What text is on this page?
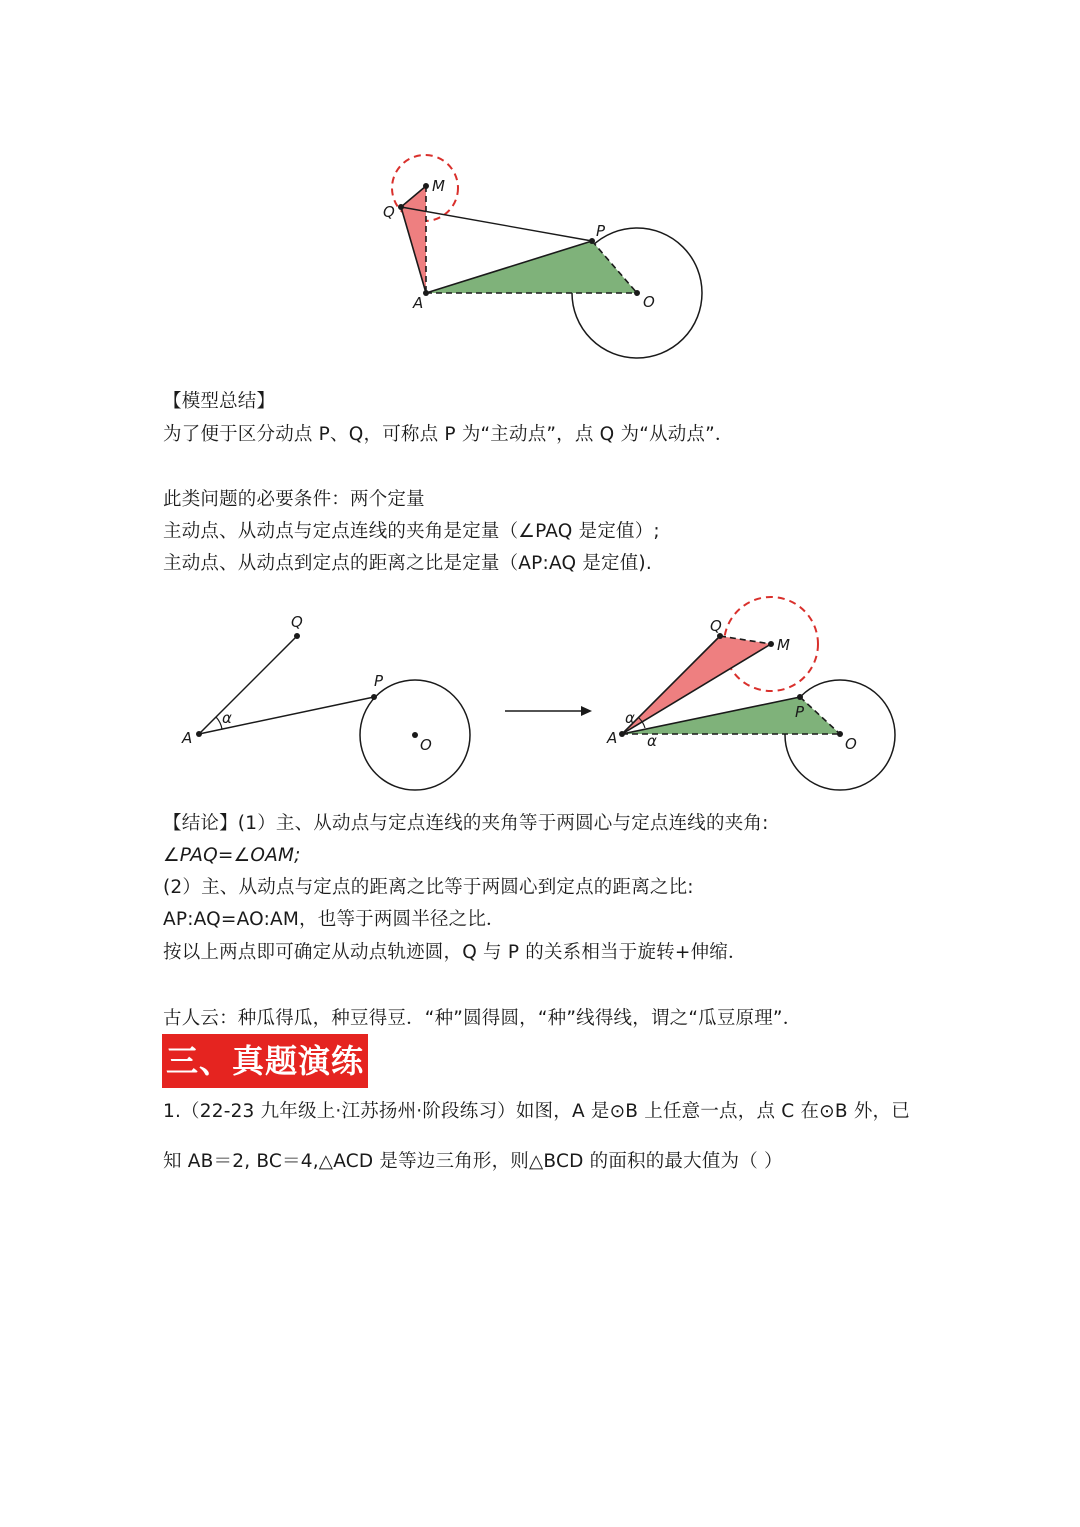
M
Q
P
A	O
【模型总结】
为了便于区分动点 P、Q，可称点 P 为“主动点”，点 Q 为“从动点”．
此类问题的必要条件：两个定量
主动点、从动点与定点连线的夹角是定量（∠PAQ 是定值）;
主动点、从动点到定点的距离之比是定量（AP:AQ 是定值).
Q
P
A	O
α
Q
M
P
A	O
α
α
【结论】(1）主、从动点与定点连线的夹角等于两圆心与定点连线的夹角:
∠PAQ=∠OAM;
(2）主、从动点与定点的距离之比等于两圆心到定点的距离之比:
AP:AQ=AO:AM，也等于两圆半径之比．
按以上两点即可确定从动点轨迹圆，Q 与 P 的关系相当于旋转+伸缩．
古人云：种瓜得瓜，种豆得豆．“种”圆得圆，“种”线得线，谓之“瓜豆原理”．
三、真题演练
1.（22-23 九年级上·江苏扬州·阶段练习）如图，A 是⊙B 上任意一点，点 C 在⊙B 外，已
知 AB＝2, BC＝4,△ACD 是等边三角形，则△BCD 的面积的最大值为（ ）
